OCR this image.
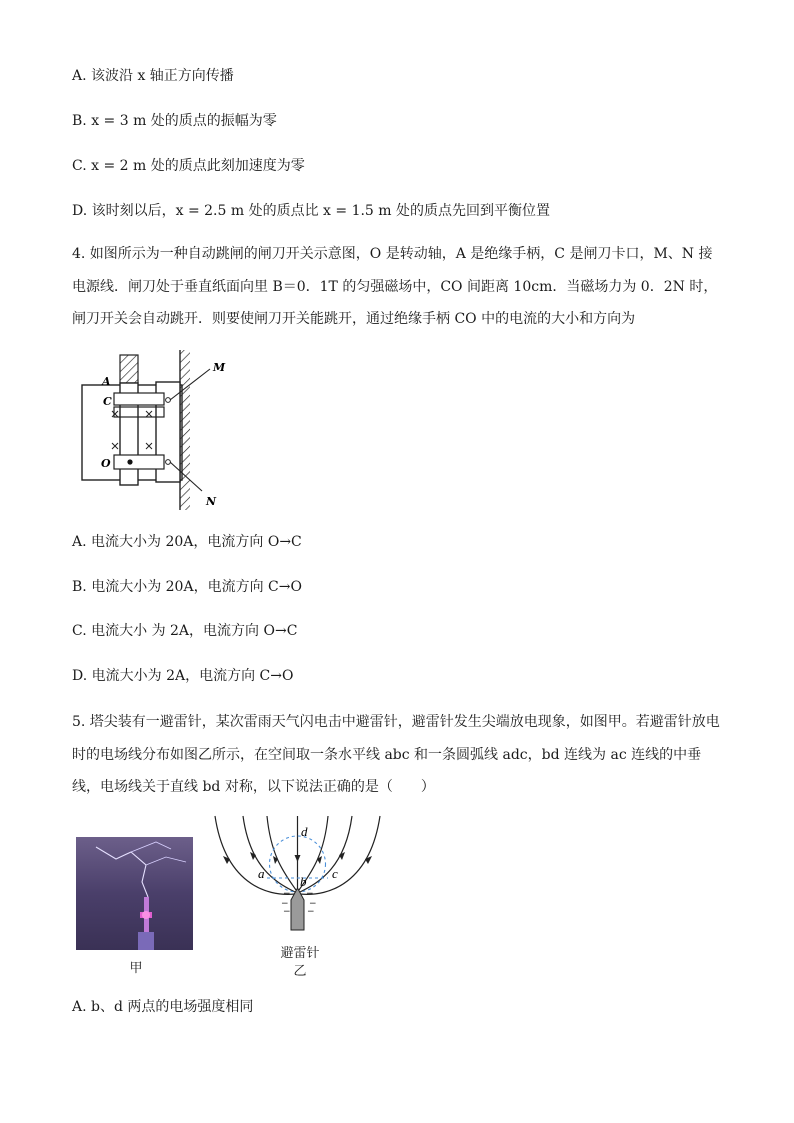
A. 该波沿 x 轴正方向传播
B. x = 3 m 处的质点的振幅为零
C. x = 2 m 处的质点此刻加速度为零
D. 该时刻以后，x = 2.5 m 处的质点比 x = 1.5 m 处的质点先回到平衡位置
4. 如图所示为一种自动跳闸的闸刀开关示意图，O 是转动轴，A 是绝缘手柄，C 是闸刀卡口，M、N 接电源线．闸刀处于垂直纸面向里 B＝0．1T 的匀强磁场中，CO 间距离 10cm．当磁场力为 0．2N 时，闸刀开关会自动跳开．则要使闸刀开关能跳开，通过绝缘手柄 CO 中的电流的大小和方向为
A
C
O
M
N
A. 电流大小为 20A，电流方向 O→C
B. 电流大小为 20A，电流方向 C→O
C. 电流大小 为 2A，电流方向 O→C
D. 电流大小为 2A，电流方向 C→O
5. 塔尖装有一避雷针，某次雷雨天气闪电击中避雷针，避雷针发生尖端放电现象，如图甲。若避雷针放电时的电场线分布如图乙所示，在空间取一条水平线 abc 和一条圆弧线 adc，bd 连线为 ac 连线的中垂线，电场线关于直线 bd 对称，以下说法正确的是（　　）
甲
− −
− −
− −
a
b
c
d
避雷针
乙
A. b、d 两点的电场强度相同
